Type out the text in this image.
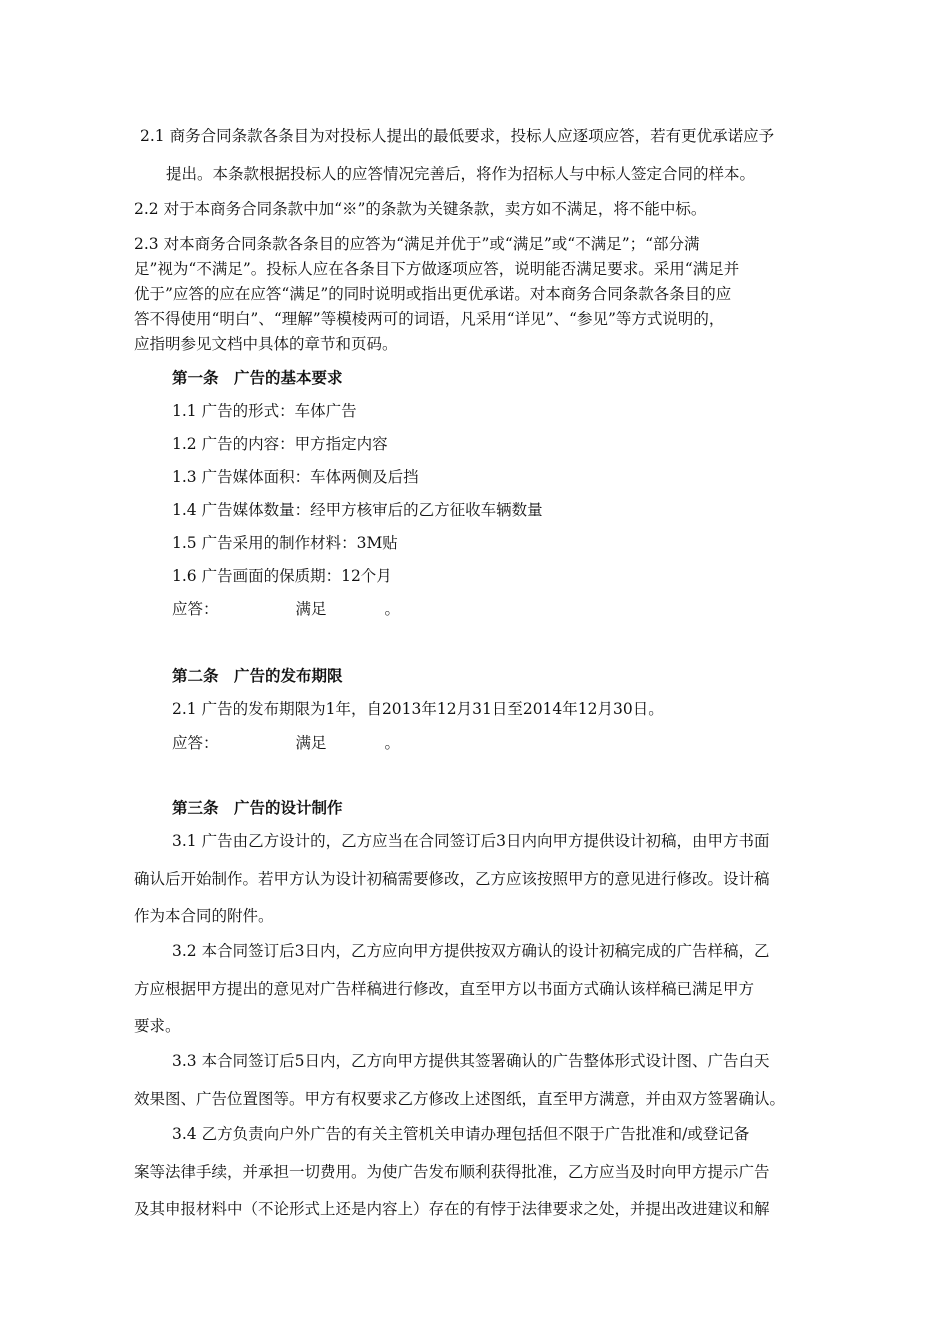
2.1 商务合同条款各条目为对投标人提出的最低要求，投标人应逐项应答，若有更优承诺应予
提出。本条款根据投标人的应答情况完善后，将作为招标人与中标人签定合同的样本。
2.2 对于本商务合同条款中加“※”的条款为关键条款，卖方如不满足，将不能中标。
2.3 对本商务合同条款各条目的应答为“满足并优于”或“满足”或“不满足”；“部分满
足”视为“不满足”。投标人应在各条目下方做逐项应答，说明能否满足要求。采用“满足并
优于”应答的应在应答“满足”的同时说明或指出更优承诺。对本商务合同条款各条目的应
答不得使用“明白”、“理解”等模棱两可的词语，凡采用“详见”、“参见”等方式说明的，
应指明参见文档中具体的章节和页码。
第一条　广告的基本要求
1.1 广告的形式：车体广告
1.2 广告的内容：甲方指定内容
1.3 广告媒体面积：车体两侧及后挡
1.4 广告媒体数量：经甲方核审后的乙方征收车辆数量
1.5 广告采用的制作材料：3M贴
1.6 广告画面的保质期：12个月
应答：	满足	。
第二条　广告的发布期限
2.1 广告的发布期限为1年，自2013年12月31日至2014年12月30日。
应答：	满足	。
第三条　广告的设计制作
3.1 广告由乙方设计的，乙方应当在合同签订后3日内向甲方提供设计初稿，由甲方书面
确认后开始制作。若甲方认为设计初稿需要修改，乙方应该按照甲方的意见进行修改。设计稿
作为本合同的附件。
3.2 本合同签订后3日内，乙方应向甲方提供按双方确认的设计初稿完成的广告样稿，乙
方应根据甲方提出的意见对广告样稿进行修改，直至甲方以书面方式确认该样稿已满足甲方
要求。
3.3 本合同签订后5日内，乙方向甲方提供其签署确认的广告整体形式设计图、广告白天
效果图、广告位置图等。甲方有权要求乙方修改上述图纸，直至甲方满意，并由双方签署确认。
3.4 乙方负责向户外广告的有关主管机关申请办理包括但不限于广告批准和/或登记备
案等法律手续，并承担一切费用。为使广告发布顺利获得批准，乙方应当及时向甲方提示广告
及其申报材料中（不论形式上还是内容上）存在的有悖于法律要求之处，并提出改进建议和解
